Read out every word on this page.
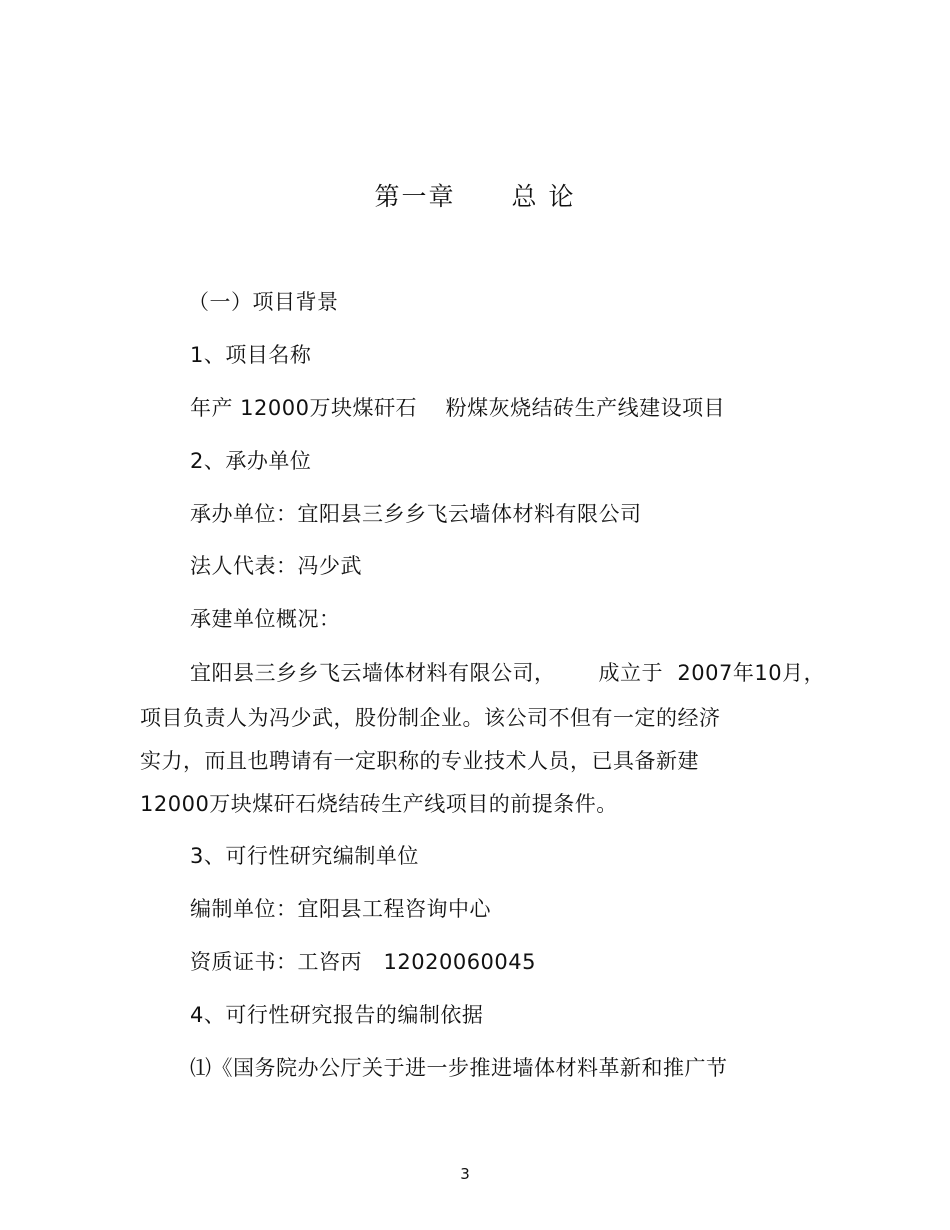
第一章 总 论
（一）项目背景
1、项目名称
年产 12000万块煤矸石    粉煤灰烧结砖生产线建设项目
2、承办单位
承办单位：宜阳县三乡乡飞云墙体材料有限公司
法人代表：冯少武
承建单位概况：
宜阳县三乡乡飞云墙体材料有限公司，      成立于  2007年10月，
项目负责人为冯少武，股份制企业。该公司不但有一定的经济
实力，而且也聘请有一定职称的专业技术人员，已具备新建
12000万块煤矸石烧结砖生产线项目的前提条件。
3、可行性研究编制单位
编制单位：宜阳县工程咨询中心
资质证书：工咨丙   12020060045
4、可行性研究报告的编制依据
⑴《国务院办公厅关于进一步推进墙体材料革新和推广节
3
